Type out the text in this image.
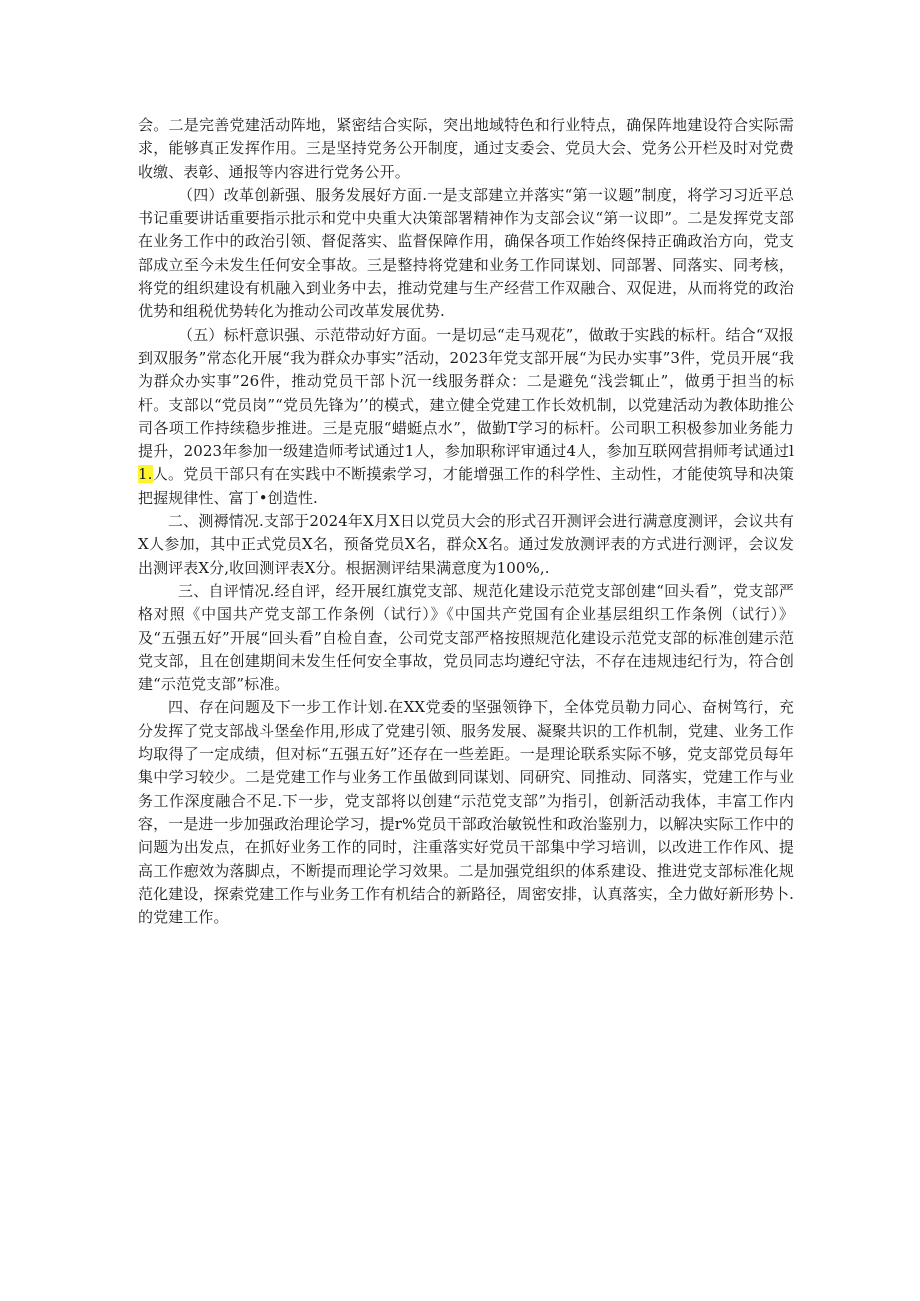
会。二是完善党建活动阵地，紧密结合实际，突出地域特色和行业特点，确保阵地建设符合实际需求，能够真正发挥作用。三是坚持党务公开制度，通过支委会、党员大会、党务公开栏及时对党费收缴、表彰、通报等内容进行党务公开。

（四）改革创新强、服务发展好方面.一是支部建立并落实“第一议题”制度，将学习习近平总书记重要讲话重要指示批示和党中央重大决策部署精神作为支部会议“第一议即”。二是发挥党支部在业务工作中的政治引领、督促落实、监督保障作用，确保各项工作始终保持正确政治方向，党支部成立至今未发生任何安全事故。三是整持将党建和业务工作同谋划、同部署、同落实、同考核，将党的组织建设有机融入到业务中去，推动党建与生产经营工作双融合、双促进，从而将党的政治优势和组税优势转化为推动公司改革发展优势.

（五）标杆意识强、示范带动好方面。一是切忌“走马观花”，做敢于实践的标杆。结合“双报到双服务”常态化开展“我为群众办事实”活动，2023年党支部开展“为民办实事”3件，党员开展“我为群众办实事”26件，推动党员干部卜沉一线服务群众：二是避免“浅尝辄止”，做勇于担当的标杆。支部以“党员岗”“党员先锋为’’的模式，建立健全党建工作长效机制，以党建活动为教体助推公司各项工作持续稳步推进。三是克服“蜡蜓点水”，做勤T学习的标杆。公司职工积极参加业务能力提升，2023年参加一级建造师考试通过1人，参加职称评审通过4人，参加互联网营捐师考试通过l1.人。党员干部只有在实践中不断摸索学习，才能增强工作的科学性、主动性，才能使筑导和决策把握规律性、富丁•创造性.

二、测褥情况.支部于2024年X月X日以党员大会的形式召开测评会进行满意度测评，会议共有X人参加，其中正式党员X名，预备党员X名，群众X名。通过发放测评表的方式进行测评，会议发出测评表X分,收回测评表X分。根据测评结果满意度为100%,.

三、自评情况.经自评，经开展红旗党支部、规范化建设示范党支部创建“回头看”，党支部严格对照《中国共产党支部工作条例（试行）》《中国共产党国有企业基层组织工作条例（试行）》及“五强五好”开展“回头看”自检自查，公司党支部严格按照规范化建设示范党支部的标准创建示范党支部，且在创建期间未发生任何安全事故，党员同志均遵纪守法，不存在违规违纪行为，符合创建“示范党支部”标准。

四、存在问题及下一步工作计划.在XX党委的坚强领铮下，全体党员勒力同心、奋树笃行，充分发挥了党支部战斗堡垒作用,形成了党建引领、服务发展、凝聚共识的工作机制，党建、业务工作均取得了一定成绩，但对标“五强五好”还存在一些差距。一是理论联系实际不够，党支部党员每年集中学习较少。二是党建工作与业务工作虽做到同谋划、同研究、同推动、同落实，党建工作与业务工作深度融合不足.下一步，党支部将以创建“示范党支部”为指引，创新活动我体，丰富工作内容，一是进一步加强政治理论学习，提r%党员干部政治敏锐性和政治鉴别力，以解决实际工作中的问题为出发点，在抓好业务工作的同时，注重落实好党员干部集中学习培训，以改进工作作风、提高工作瘛效为落脚点，不断提而理论学习效果。二是加强党组织的体系建设、推进党支部标准化规范化建设，探索党建工作与业务工作有机结合的新路径，周密安排，认真落实，全力做好新形势卜.的党建工作。
